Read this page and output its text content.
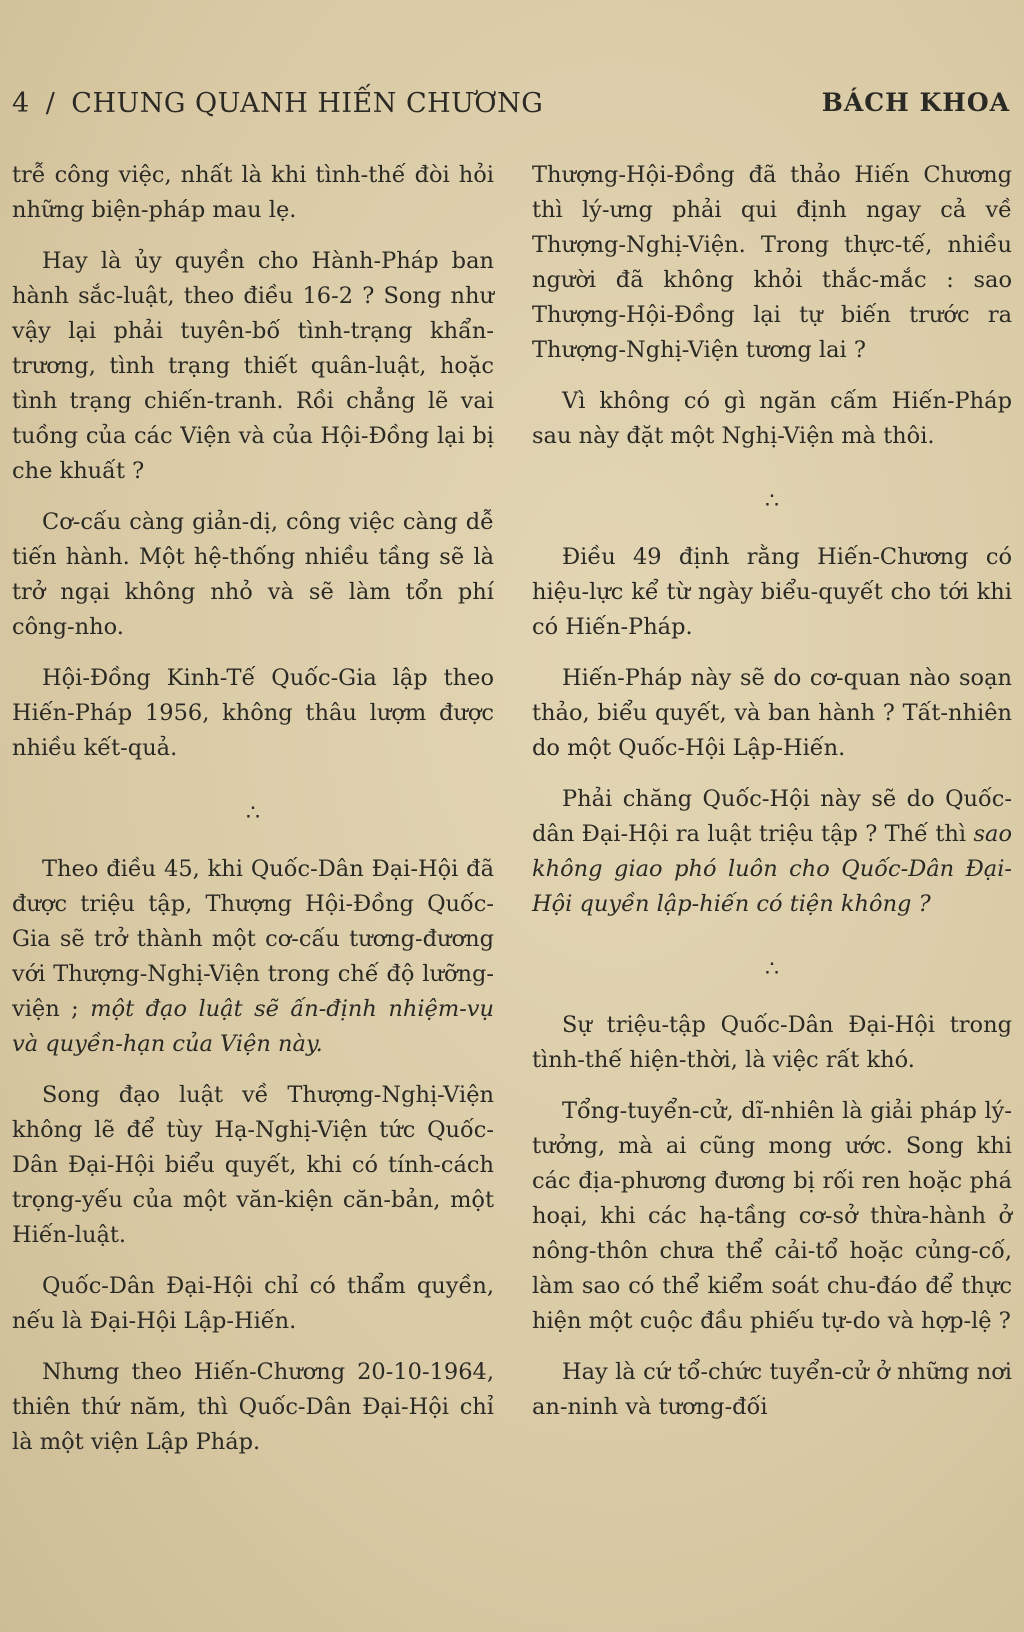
4 / CHUNG QUANH HIẾN CHƯƠNG	BÁCH KHOA

trễ công việc, nhất là khi tình-thế đòi hỏi những biện-pháp mau lẹ.

Hay là ủy quyền cho Hành-Pháp ban hành sắc-luật, theo điều 16-2 ? Song như vậy lại phải tuyên-bố tình-trạng khẩn-trương, tình trạng thiết quân-luật, hoặc tình trạng chiến-tranh. Rồi chẳng lẽ vai tuồng của các Viện và của Hội-Đồng lại bị che khuất ?

Cơ-cấu càng giản-dị, công việc càng dễ tiến hành. Một hệ-thống nhiều tầng sẽ là trở ngại không nhỏ và sẽ làm tổn phí công-nho.

Hội-Đồng Kinh-Tế Quốc-Gia lập theo Hiến-Pháp 1956, không thâu lượm được nhiều kết-quả.

∴

Theo điều 45, khi Quốc-Dân Đại-Hội đã được triệu tập, Thượng Hội-Đồng Quốc-Gia sẽ trở thành một cơ-cấu tương-đương với Thượng-Nghị-Viện trong chế độ lưỡng-viện ; một đạo luật sẽ ấn-định nhiệm-vụ và quyền-hạn của Viện này.

Song đạo luật về Thượng-Nghị-Viện không lẽ để tùy Hạ-Nghị-Viện tức Quốc-Dân Đại-Hội biểu quyết, khi có tính-cách trọng-yếu của một văn-kiện căn-bản, một Hiến-luật.

Quốc-Dân Đại-Hội chỉ có thẩm quyền, nếu là Đại-Hội Lập-Hiến.

Nhưng theo Hiến-Chương 20-10-1964, thiên thứ năm, thì Quốc-Dân Đại-Hội chỉ là một viện Lập Pháp.

Thượng-Hội-Đồng đã thảo Hiến Chương thì lý-ưng phải qui định ngay cả về Thượng-Nghị-Viện. Trong thực-tế, nhiều người đã không khỏi thắc-mắc : sao Thượng-Hội-Đồng lại tự biến trước ra Thượng-Nghị-Viện tương lai ?

Vì không có gì ngăn cấm Hiến-Pháp sau này đặt một Nghị-Viện mà thôi.

∴

Điều 49 định rằng Hiến-Chương có hiệu-lực kể từ ngày biểu-quyết cho tới khi có Hiến-Pháp.

Hiến-Pháp này sẽ do cơ-quan nào soạn thảo, biểu quyết, và ban hành ? Tất-nhiên do một Quốc-Hội Lập-Hiến.

Phải chăng Quốc-Hội này sẽ do Quốc-dân Đại-Hội ra luật triệu tập ? Thế thì sao không giao phó luôn cho Quốc-Dân Đại-Hội quyền lập-hiến có tiện không ?

∴

Sự triệu-tập Quốc-Dân Đại-Hội trong tình-thế hiện-thời, là việc rất khó.

Tổng-tuyển-cử, dĩ-nhiên là giải pháp lý-tưởng, mà ai cũng mong ước. Song khi các địa-phương đương bị rối ren hoặc phá hoại, khi các hạ-tầng cơ-sở thừa-hành ở nông-thôn chưa thể cải-tổ hoặc củng-cố, làm sao có thể kiểm soát chu-đáo để thực hiện một cuộc đầu phiếu tự-do và hợp-lệ ?

Hay là cứ tổ-chức tuyển-cử ở những nơi an-ninh và tương-đối
